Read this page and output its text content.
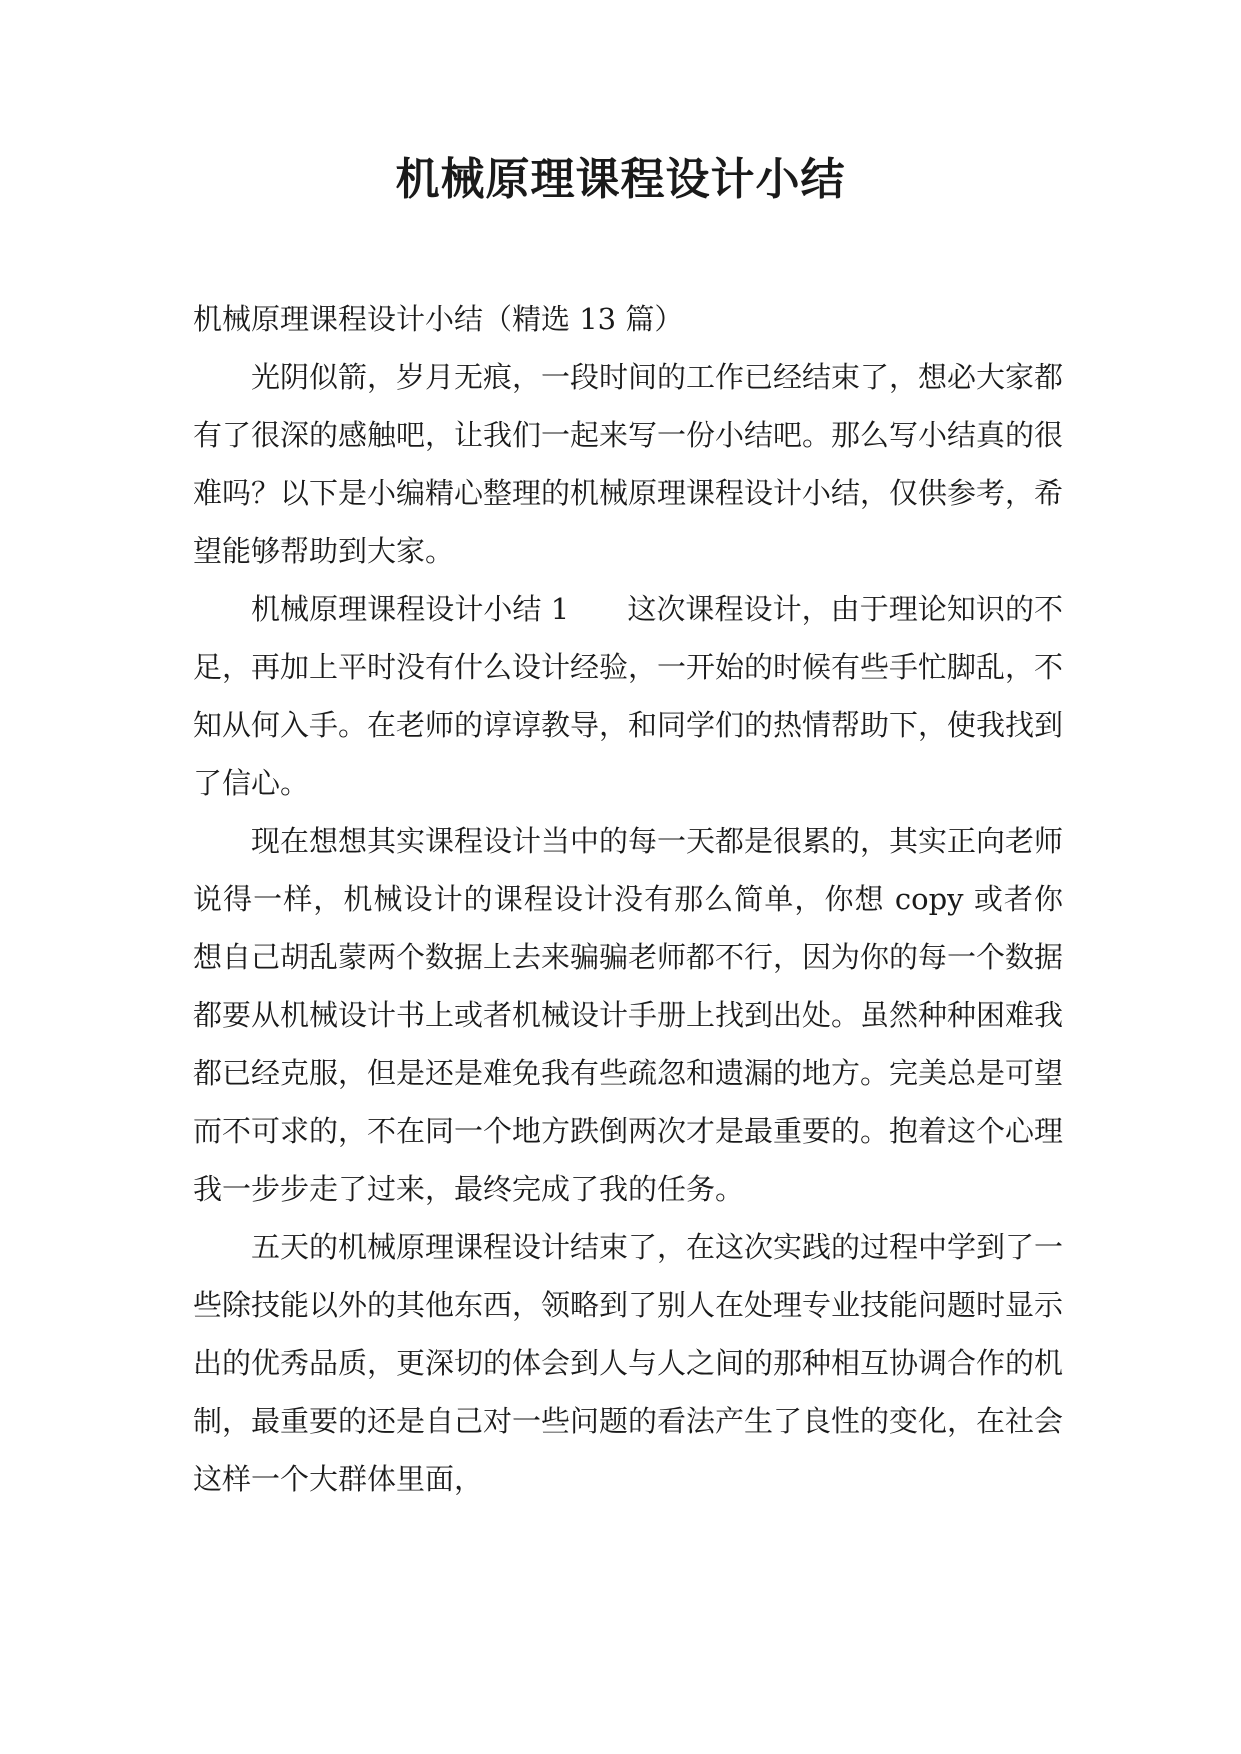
机械原理课程设计小结

机械原理课程设计小结（精选 13 篇）

光阴似箭，岁月无痕，一段时间的工作已经结束了，想必大家都有了很深的感触吧，让我们一起来写一份小结吧。那么写小结真的很难吗？以下是小编精心整理的机械原理课程设计小结，仅供参考，希望能够帮助到大家。

机械原理课程设计小结 1　　这次课程设计，由于理论知识的不足，再加上平时没有什么设计经验，一开始的时候有些手忙脚乱，不知从何入手。在老师的谆谆教导，和同学们的热情帮助下，使我找到了信心。

现在想想其实课程设计当中的每一天都是很累的，其实正向老师说得一样，机械设计的课程设计没有那么简单，你想 copy 或者你想自己胡乱蒙两个数据上去来骗骗老师都不行，因为你的每一个数据都要从机械设计书上或者机械设计手册上找到出处。虽然种种困难我都已经克服，但是还是难免我有些疏忽和遗漏的地方。完美总是可望而不可求的，不在同一个地方跌倒两次才是最重要的。抱着这个心理我一步步走了过来，最终完成了我的任务。

五天的机械原理课程设计结束了，在这次实践的过程中学到了一些除技能以外的其他东西，领略到了别人在处理专业技能问题时显示出的优秀品质，更深切的体会到人与人之间的那种相互协调合作的机制，最重要的还是自己对一些问题的看法产生了良性的变化，在社会这样一个大群体里面，
